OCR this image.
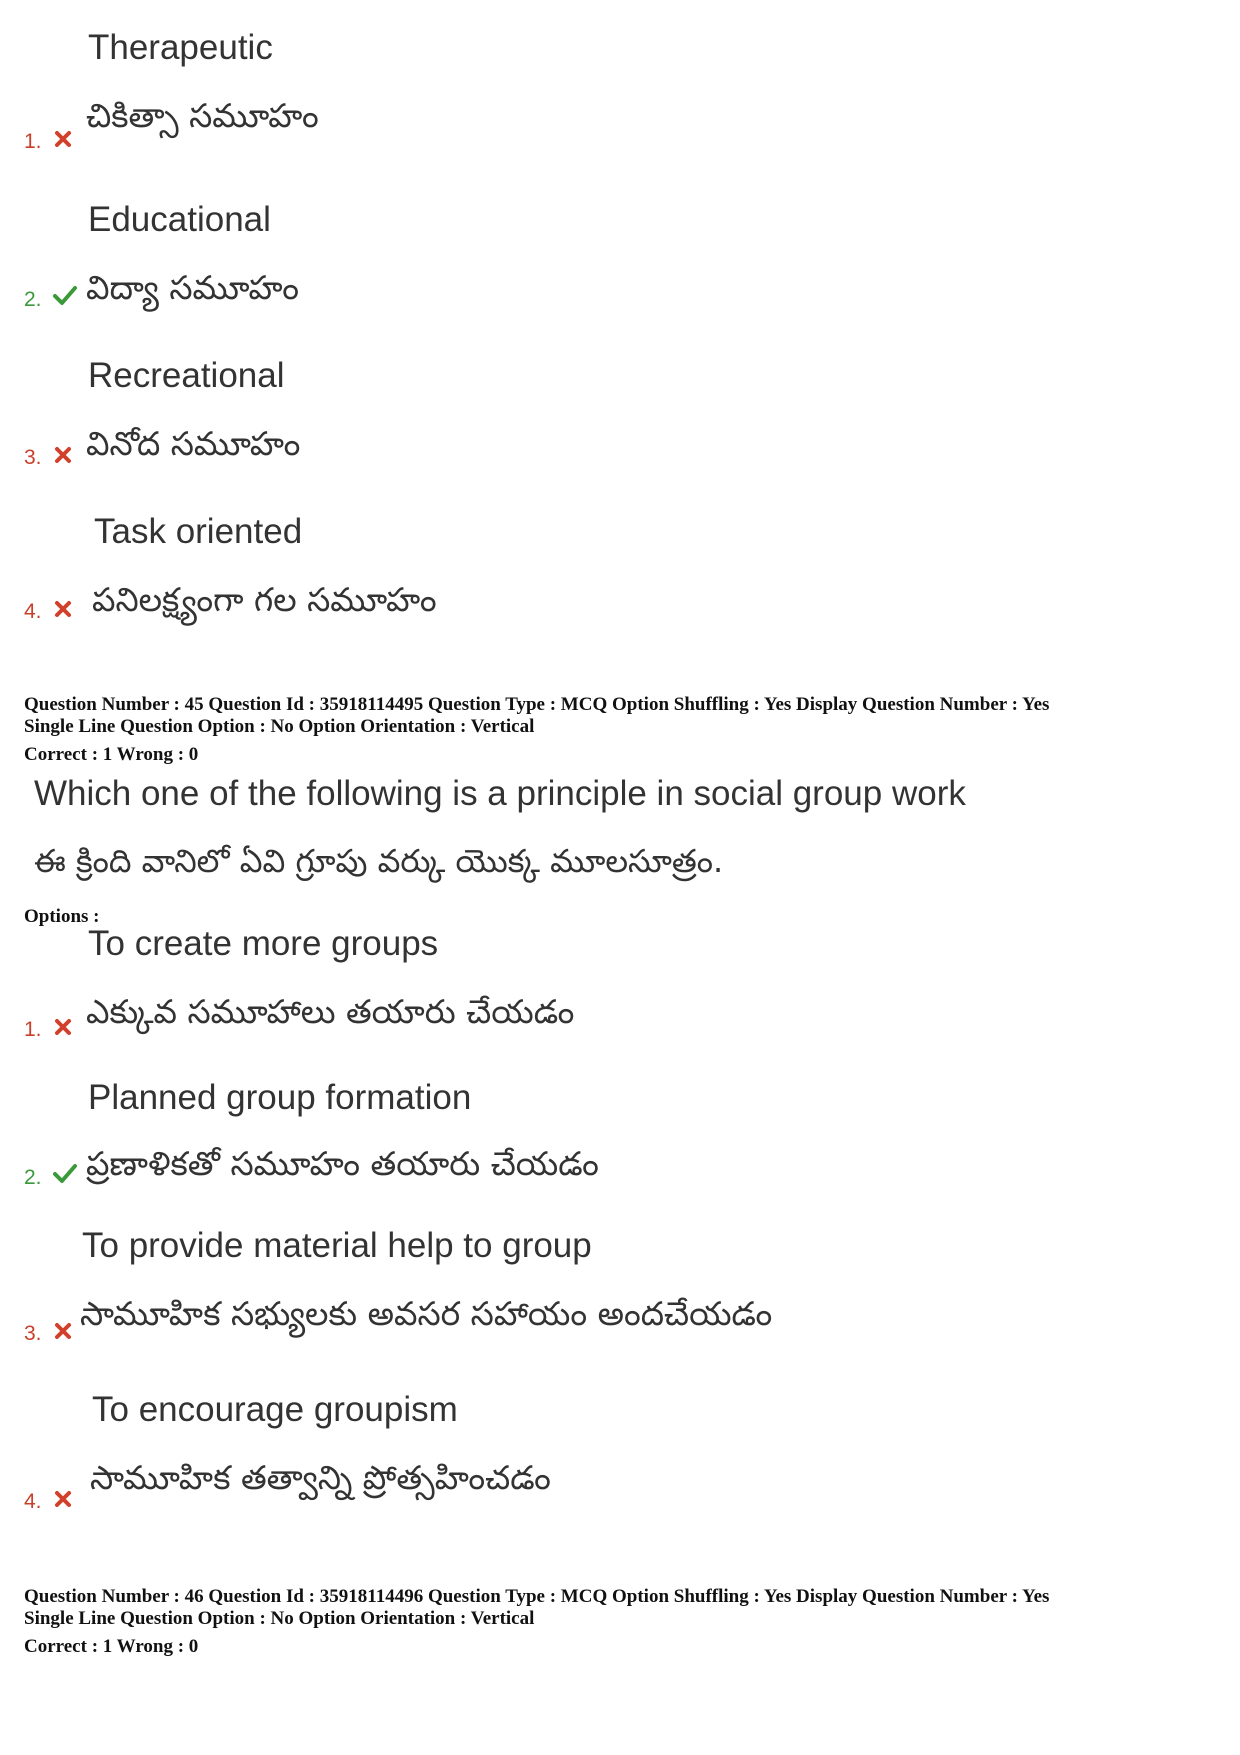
Therapeutic
చికిత్సా సమూహం
1.
Educational
విద్యా సమూహం
2.
Recreational
వినోద సమూహం
3.
Task oriented
పనిలక్ష్యంగా గల సమూహం
4.
Question Number : 45 Question Id : 35918114495 Question Type : MCQ Option Shuffling : Yes Display Question Number : Yes
Single Line Question Option : No Option Orientation : Vertical
Correct : 1 Wrong : 0
Which one of the following is a principle in social group work
ఈ క్రింది వానిలో ఏవి గ్రూపు వర్కు యొక్క మూలసూత్రం.
Options :
To create more groups
ఎక్కువ సమూహాలు తయారు చేయడం
1.
Planned group formation
ప్రణాళికతో సమూహం తయారు చేయడం
2.
To provide material help to group
సామూహిక సభ్యులకు అవసర సహాయం అందచేయడం
3.
To encourage groupism
సామూహిక తత్వాన్ని ప్రోత్సహించడం
4.
Question Number : 46 Question Id : 35918114496 Question Type : MCQ Option Shuffling : Yes Display Question Number : Yes
Single Line Question Option : No Option Orientation : Vertical
Correct : 1 Wrong : 0
